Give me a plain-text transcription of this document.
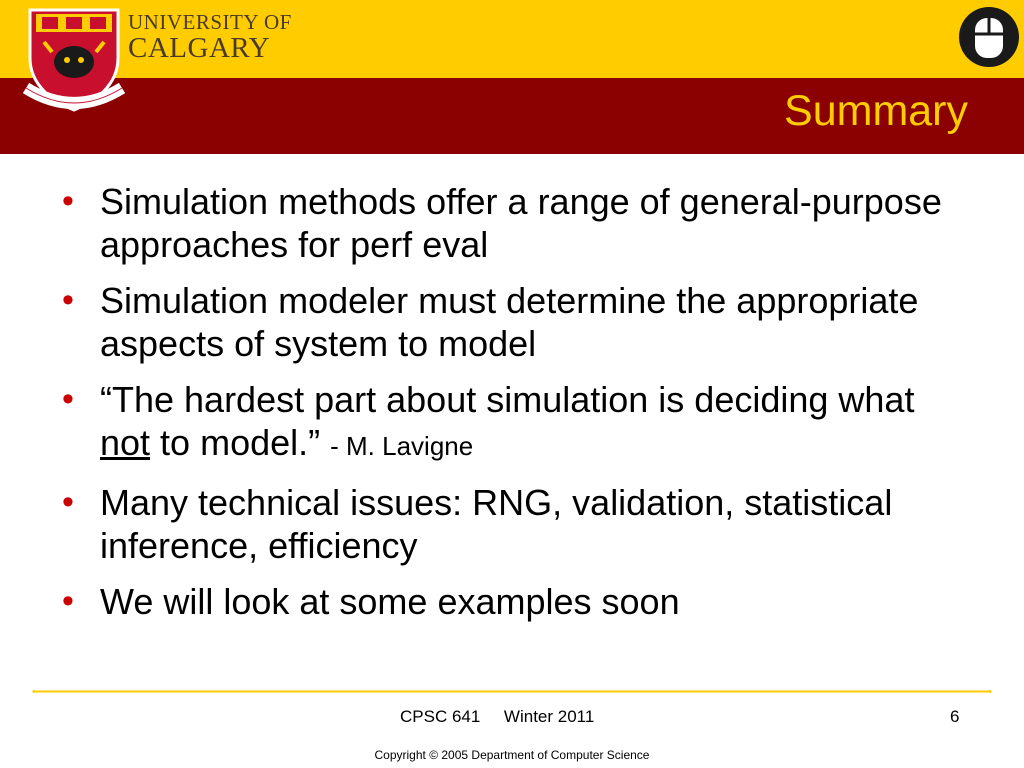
UNIVERSITY OF
CALGARY
Summary
• Simulation methods offer a range of general-purpose approaches for perf eval
• Simulation modeler must determine the appropriate aspects of system to model
• “The hardest part about simulation is deciding what not to model.” - M. Lavigne
• Many technical issues: RNG, validation, statistical inference, efficiency
• We will look at some examples soon
CPSC 641     Winter 2011	6
Copyright © 2005 Department of Computer Science
